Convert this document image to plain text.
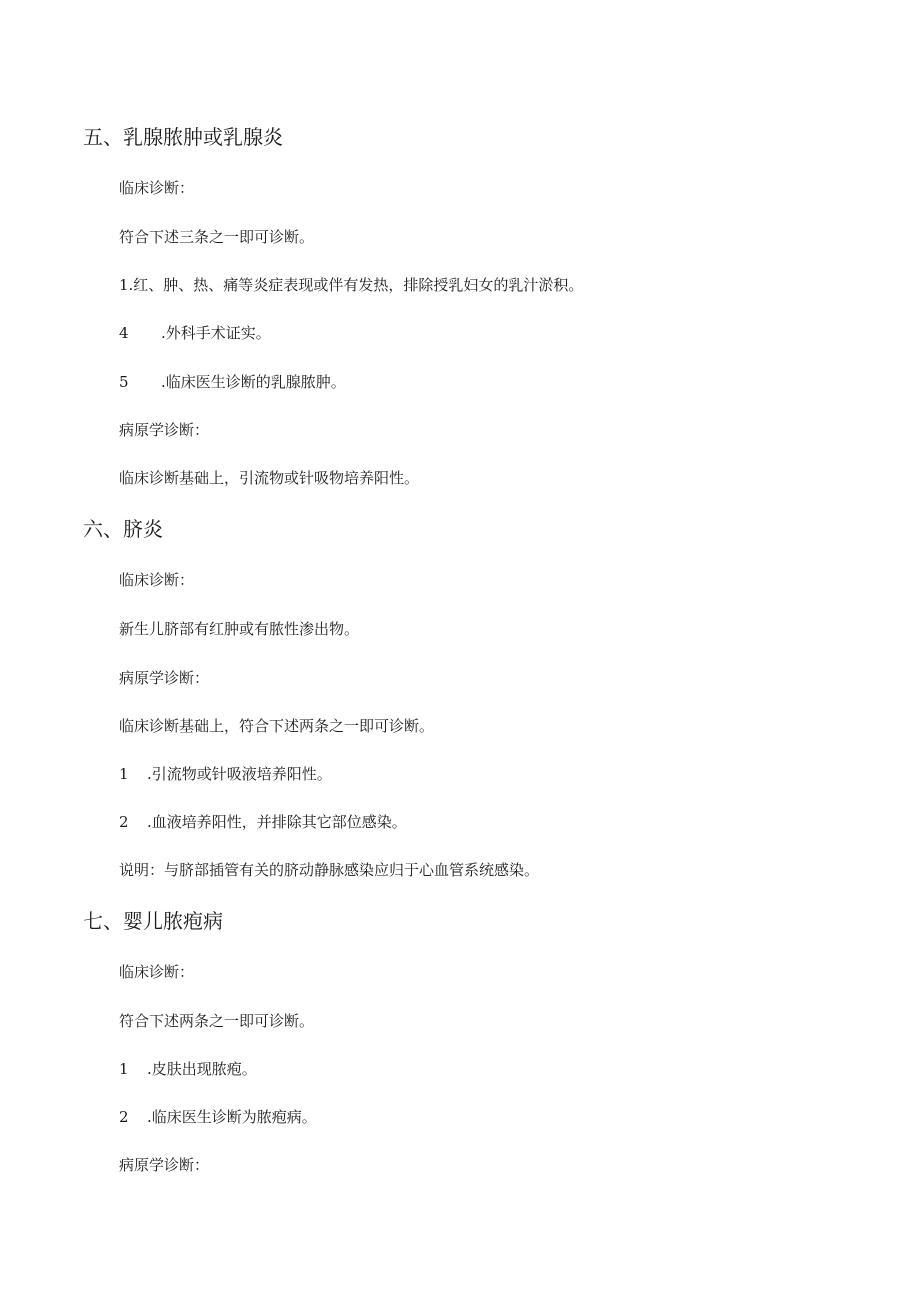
五、乳腺脓肿或乳腺炎
临床诊断：
符合下述三条之一即可诊断。
1.红、肿、热、痛等炎症表现或伴有发热，排除授乳妇女的乳汁淤积。
4 .外科手术证实。
5 .临床医生诊断的乳腺脓肿。
病原学诊断：
临床诊断基础上，引流物或针吸物培养阳性。
六、脐炎
临床诊断：
新生儿脐部有红肿或有脓性渗出物。
病原学诊断：
临床诊断基础上，符合下述两条之一即可诊断。
1 .引流物或针吸液培养阳性。
2 .血液培养阳性，并排除其它部位感染。
说明：与脐部插管有关的脐动静脉感染应归于心血管系统感染。
七、婴儿脓疱病
临床诊断：
符合下述两条之一即可诊断。
1 .皮肤出现脓疱。
2 .临床医生诊断为脓疱病。
病原学诊断：
